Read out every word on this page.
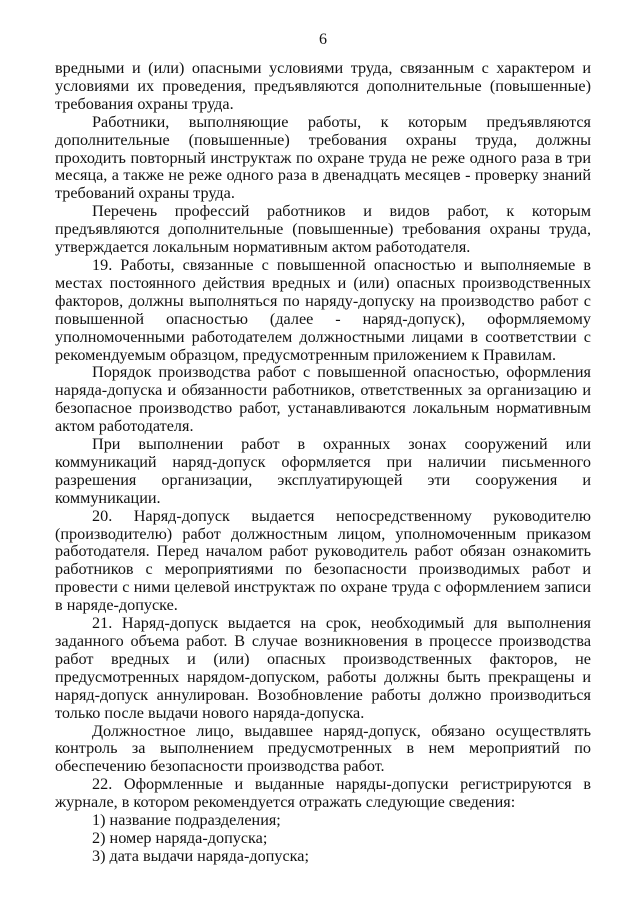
6

вредными и (или) опасными условиями труда, связанным с характером и условиями их проведения, предъявляются дополнительные (повышенные) требования охраны труда.

Работники, выполняющие работы, к которым предъявляются дополнительные (повышенные) требования охраны труда, должны проходить повторный инструктаж по охране труда не реже одного раза в три месяца, а также не реже одного раза в двенадцать месяцев - проверку знаний требований охраны труда.

Перечень профессий работников и видов работ, к которым предъявляются дополнительные (повышенные) требования охраны труда, утверждается локальным нормативным актом работодателя.

19. Работы, связанные с повышенной опасностью и выполняемые в местах постоянного действия вредных и (или) опасных производственных факторов, должны выполняться по наряду-допуску на производство работ с повышенной опасностью (далее - наряд-допуск), оформляемому уполномоченными работодателем должностными лицами в соответствии с рекомендуемым образцом, предусмотренным приложением к Правилам.

Порядок производства работ с повышенной опасностью, оформления наряда-допуска и обязанности работников, ответственных за организацию и безопасное производство работ, устанавливаются локальным нормативным актом работодателя.

При выполнении работ в охранных зонах сооружений или коммуникаций наряд-допуск оформляется при наличии письменного разрешения организации, эксплуатирующей эти сооружения и коммуникации.

20. Наряд-допуск выдается непосредственному руководителю (производителю) работ должностным лицом, уполномоченным приказом работодателя. Перед началом работ руководитель работ обязан ознакомить работников с мероприятиями по безопасности производимых работ и провести с ними целевой инструктаж по охране труда с оформлением записи в наряде-допуске.

21. Наряд-допуск выдается на срок, необходимый для выполнения заданного объема работ. В случае возникновения в процессе производства работ вредных и (или) опасных производственных факторов, не предусмотренных нарядом-допуском, работы должны быть прекращены и наряд-допуск аннулирован. Возобновление работы должно производиться только после выдачи нового наряда-допуска.

Должностное лицо, выдавшее наряд-допуск, обязано осуществлять контроль за выполнением предусмотренных в нем мероприятий по обеспечению безопасности производства работ.

22. Оформленные и выданные наряды-допуски регистрируются в журнале, в котором рекомендуется отражать следующие сведения:

1) название подразделения;

2) номер наряда-допуска;

3) дата выдачи наряда-допуска;
